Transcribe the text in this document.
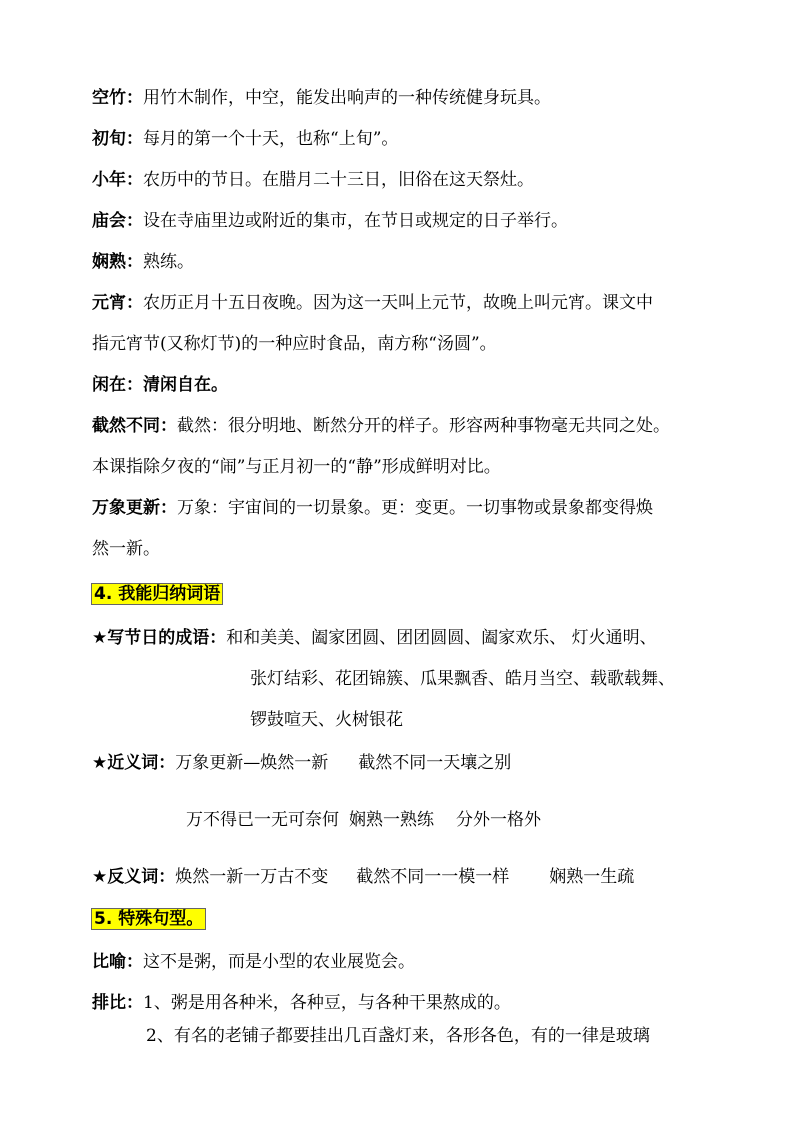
空竹：用竹木制作，中空，能发出响声的一种传统健身玩具。
初旬：每月的第一个十天，也称“上旬”。
小年：农历中的节日。在腊月二十三日，旧俗在这天祭灶。
庙会：设在寺庙里边或附近的集市，在节日或规定的日子举行。
娴熟：熟练。
元宵：农历正月十五日夜晚。因为这一天叫上元节，故晚上叫元宵。课文中
指元宵节(又称灯节)的一种应时食品，南方称“汤圆”。
闲在：清闲自在。
截然不同：截然：很分明地、断然分开的样子。形容两种事物毫无共同之处。
本课指除夕夜的“闹”与正月初一的“静”形成鲜明对比。
万象更新：万象：宇宙间的一切景象。更：变更。一切事物或景象都变得焕
然一新。
4. 我能归纳词语
★写节日的成语：和和美美、阖家团圆、团团圆圆、阖家欢乐、 灯火通明、
张灯结彩、花团锦簇、瓜果飘香、皓月当空、载歌载舞、
锣鼓喧天、火树银花
★近义词：万象更新—焕然一新 截然不同一天壤之别
万不得已一无可奈何 娴熟一熟练 分外一格外
★反义词：焕然一新一万古不变 截然不同一一模一样 娴熟一生疏
5. 特殊句型。
比喻：这不是粥，而是小型的农业展览会。
排比：1、粥是用各种米，各种豆，与各种干果熬成的。
2、有名的老铺子都要挂出几百盏灯来，各形各色，有的一律是玻璃
